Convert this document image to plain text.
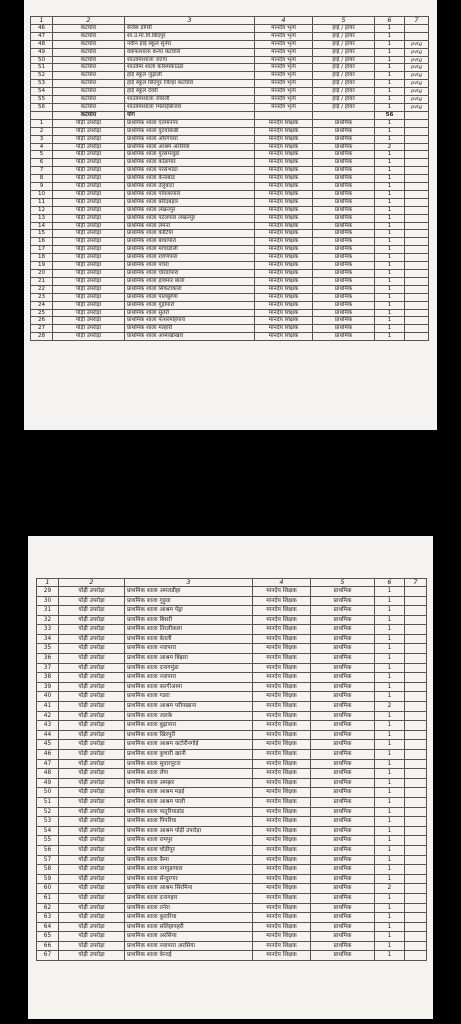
1	2	3	4	5	6	7
46	कटघोरा	सेजेस डोंगरी	मानदेय भृत्य	हाई / हायर	1	
47	कटघोरा	शा.उ.मा.वि.छिंदपुर	मानदेय भृत्य	हाई / हायर	1	
48	कटघोरा	नवीन हाई स्कूल सुनेरा	मानदेय भृत्य	हाई / हायर	1	pvtg
49	कटघोरा	वकफाशाला कन्या कटघोरा	मानदेय भृत्य	हाई / हायर	1	pvtg
50	कटघोरा	शाउवमाशाला जटगा	मानदेय भृत्य	हाई / हायर	1	pvtg
51	कटघोरा	शाउवमा शाला कोसमकाउंडा	मानदेय भृत्य	हाई / हायर	1	pvtg
52	कटघोरा	हाई स्कूल जुड़ाली	मानदेय भृत्य	हाई / हायर	1	pvtg
53	कटघोरा	हाई स्कूल छिंदपुर जिल्हा कटघोरा	मानदेय भृत्य	हाई / हायर	1	pvtg
54	कटघोरा	हाई स्कूल देवरी	मानदेय भृत्य	हाई / हायर	1	pvtg
55	कटघोरा	शाउवमाशाला जवाली	मानदेय भृत्य	हाई / हायर	1	pvtg
56	कटघोरा	शाउवमाशाला भिलाईबाजार	मानदेय भृत्य	हाई / हायर	1	pvtg
	कटघोरा	योग			56	
1	पोड़ी उपरोड़ा	प्राथमिक शाला एतमानगर	मानदेय शिक्षक	प्राथमिक	1	
2	पोड़ी उपरोड़ा	प्राथमिक शाला पुटवाकछी	मानदेय शिक्षक	प्राथमिक	1	
3	पोड़ी उपरोड़ा	प्राथमिक शाला औरंगपारा	मानदेय शिक्षक	प्राथमिक	1	
4	पोड़ी उपरोड़ा	प्राथमिक शाला आश्रम अरसिया	मानदेय शिक्षक	प्राथमिक	2	
5	पोड़ी उपरोड़ा	प्राथमिक शाला गुरसमजुडा	मानदेय शिक्षक	प्राथमिक	1	
6	पोड़ी उपरोड़ा	प्राथमिक शाला कोडामार	मानदेय शिक्षक	प्राथमिक	1	
7	पोड़ी उपरोड़ा	प्राथमिक शाला परसेभाठा	मानदेय शिक्षक	प्राथमिक	1	
8	पोड़ी उपरोड़ा	प्राथमिक शाला केनाबांड	मानदेय शिक्षक	प्राथमिक	1	
9	पोड़ी उपरोड़ा	प्राथमिक शाला तेलुवाटा	मानदेय शिक्षक	प्राथमिक	1	
10	पोड़ी उपरोड़ा	प्राथमिक शाला पोंयाकपारा	मानदेय शिक्षक	प्राथमिक	1	
11	पोड़ी उपरोड़ा	प्राथमिक शाला बरीदबहार	मानदेय शिक्षक	प्राथमिक	1	
12	पोड़ी उपरोड़ा	प्राथमिक शाला लखनपुर	मानदेय शिक्षक	प्राथमिक	1	
13	पोड़ी उपरोड़ा	प्राथमिक शाला पटेलपारा लखनपुर	मानदेय शिक्षक	प्राथमिक	1	
14	पोड़ी उपरोड़ा	प्राथमिक शाला लमना	मानदेय शिक्षक	प्राथमिक	1	
15	पोड़ी उपरोड़ा	प्राथमिक शाला कोटिया	मानदेय शिक्षक	प्राथमिक	1	
16	पोड़ी उपरोड़ा	प्राथमिक शाला बांधापारा	मानदेय शिक्षक	प्राथमिक	1	
17	पोड़ी उपरोड़ा	प्राथमिक शाला माचाडोली	मानदेय शिक्षक	प्राथमिक	1	
18	पोड़ी उपरोड़ा	प्राथमिक शाला रावणपारा	मानदेय शिक्षक	प्राथमिक	1	
19	पोड़ी उपरोड़ा	प्राथमिक शाला पचरा	मानदेय शिक्षक	प्राथमिक	1	
20	पोड़ी उपरोड़ा	प्राथमिक शाला चोरडापारा	मानदेय शिक्षक	प्राथमिक	1	
21	पोड़ी उपरोड़ा	प्राथमिक शाला हावमार बाला	मानदेय शिक्षक	प्राथमिक	1	
22	पोड़ी उपरोड़ा	प्राथमिक शाला सिकटाकारा	मानदेय शिक्षक	प्राथमिक	1	
23	पोड़ी उपरोड़ा	प्राथमिक शाला पालबुरेणा	मानदेय शिक्षक	प्राथमिक	1	
24	पोड़ी उपरोड़ा	प्राथमिक शाला गुड़ापारा	मानदेय शिक्षक	प्राथमिक	1	
25	पोड़ी उपरोड़ा	प्राथमिक शाला सुतर्रा	मानदेय शिक्षक	प्राथमिक	1	
26	पोड़ी उपरोड़ा	प्राथमिक शाला पत्थरमोहपारा	मानदेय शिक्षक	प्राथमिक	1	
27	पोड़ी उपरोड़ा	प्राथमिक शाला मल्हारी	मानदेय शिक्षक	प्राथमिक	1	
28	पोड़ी उपरोड़ा	प्राथमिक शाला आमाखोखरा	मानदेय शिक्षक	प्राथमिक	1	
1	2	3	4	5	6	7
29	पोड़ी उपरोड़ा	प्राथमिक शाला अमलडीहा	मानदेय शिक्षक	प्राथमिक	1	
30	पोड़ी उपरोड़ा	प्राथमिक शाला गुड़ुवा	मानदेय शिक्षक	प्राथमिक	1	
31	पोड़ी उपरोड़ा	प्राथमिक शाला आश्रम पेंड्रा	मानदेय शिक्षक	प्राथमिक	1	
32	पोड़ी उपरोड़ा	प्राथमिक शाला बिसरी	मानदेय शिक्षक	प्राथमिक	1	
33	पोड़ी उपरोड़ा	प्राथमिक शाला तिरलीकला	मानदेय शिक्षक	प्राथमिक	1	
34	पोड़ी उपरोड़ा	प्राथमिक शाला बेतली	मानदेय शिक्षक	प्राथमिक	1	
35	पोड़ी उपरोड़ा	प्राथमिक शाला नवापारा	मानदेय शिक्षक	प्राथमिक	1	
36	पोड़ी उपरोड़ा	प्राथमिक शाला आश्रम बिंझरा	मानदेय शिक्षक	प्राथमिक	1	
37	पोड़ी उपरोड़ा	प्राथमिक शाला दनागमुंडा	मानदेय शिक्षक	प्राथमिक	1	
38	पोड़ी उपरोड़ा	प्राथमिक शाला नवापारा	मानदेय शिक्षक	प्राथमिक	1	
39	पोड़ी उपरोड़ा	प्राथमिक शाला करगीआमा	मानदेय शिक्षक	प्राथमिक	1	
40	पोड़ी उपरोड़ा	प्राथमिक शाला गडरा	मानदेय शिक्षक	प्राथमिक	1	
41	पोड़ी उपरोड़ा	प्राथमिक शाला आश्रम परीपखाना	मानदेय शिक्षक	प्राथमिक	2	
42	पोड़ी उपरोड़ा	प्राथमिक शाला जलके	मानदेय शिक्षक	प्राथमिक	1	
43	पोड़ी उपरोड़ा	प्राथमिक शाला बुढ़ापारा	मानदेय शिक्षक	प्राथमिक	1	
44	पोड़ी उपरोड़ा	प्राथमिक शाला खिरपुरी	मानदेय शिक्षक	प्राथमिक	1	
45	पोड़ी उपरोड़ा	प्राथमिक शाला आश्रम कटोरीनगोई	मानदेय शिक्षक	प्राथमिक	1	
46	पोड़ी उपरोड़ा	प्राथमिक शाला कुचारी खानी	मानदेय शिक्षक	प्राथमिक	1	
47	पोड़ी उपरोड़ा	प्राथमिक शाला सुवारपुटरा	मानदेय शिक्षक	प्राथमिक	1	
48	पोड़ी उपरोड़ा	प्राथमिक शाला लेंगा	मानदेय शिक्षक	प्राथमिक	1	
49	पोड़ी उपरोड़ा	प्राथमिक शाला अमझर	मानदेय शिक्षक	प्राथमिक	1	
50	पोड़ी उपरोड़ा	प्राथमिक शाला आश्रम मड़ई	मानदेय शिक्षक	प्राथमिक	1	
51	पोड़ी उपरोड़ा	प्राथमिक शाला आश्रम पाली	मानदेय शिक्षक	प्राथमिक	1	
52	पोड़ी उपरोड़ा	प्राथमिक शाला पातुरियाडांड	मानदेय शिक्षक	प्राथमिक	1	
53	पोड़ी उपरोड़ा	प्राथमिक शाला पिपरिया	मानदेय शिक्षक	प्राथमिक	1	
54	पोड़ी उपरोड़ा	प्राथमिक शाला आश्रम पोड़ी उपरोड़ा	मानदेय शिक्षक	प्राथमिक	1	
55	पोड़ी उपरोड़ा	प्राथमिक शाला रामपुर	मानदेय शिक्षक	प्राथमिक	1	
56	पोड़ी उपरोड़ा	प्राथमिक शाला चोडीपुर	मानदेय शिक्षक	प्राथमिक	1	
57	पोड़ी उपरोड़ा	प्राथमिक शाला कैमा	मानदेय शिक्षक	प्राथमिक	1	
58	पोड़ी उपरोड़ा	प्राथमिक शाला नगपुडापारा	मानदेय शिक्षक	प्राथमिक	1	
59	पोड़ी उपरोड़ा	प्राथमिक शाला सेन्दुरगार	मानदेय शिक्षक	प्राथमिक	1	
60	पोड़ी उपरोड़ा	प्राथमिक शाला आश्रम सिरमिना	मानदेय शिक्षक	प्राथमिक	2	
61	पोड़ी उपरोड़ा	प्राथमिक शाला दनागहार	मानदेय शिक्षक	प्राथमिक	1	
62	पोड़ी उपरोड़ा	प्राथमिक शाला तनेरा	मानदेय शिक्षक	प्राथमिक	1	
63	पोड़ी उपरोड़ा	प्राथमिक शाला कुरारिया	मानदेय शिक्षक	प्राथमिक	1	
64	पोड़ी उपरोड़ा	प्राथमिक शाला सलिहापहरी	मानदेय शिक्षक	प्राथमिक	1	
65	पोड़ी उपरोड़ा	प्राथमिक शाला अरसिया	मानदेय शिक्षक	प्राथमिक	1	
66	पोड़ी उपरोड़ा	प्राथमिक शाला नवापारा अरसिया	मानदेय शिक्षक	प्राथमिक	1	
67	पोड़ी उपरोड़ा	प्राथमिक शाला केन्दई	मानदेय शिक्षक	प्राथमिक	1	
